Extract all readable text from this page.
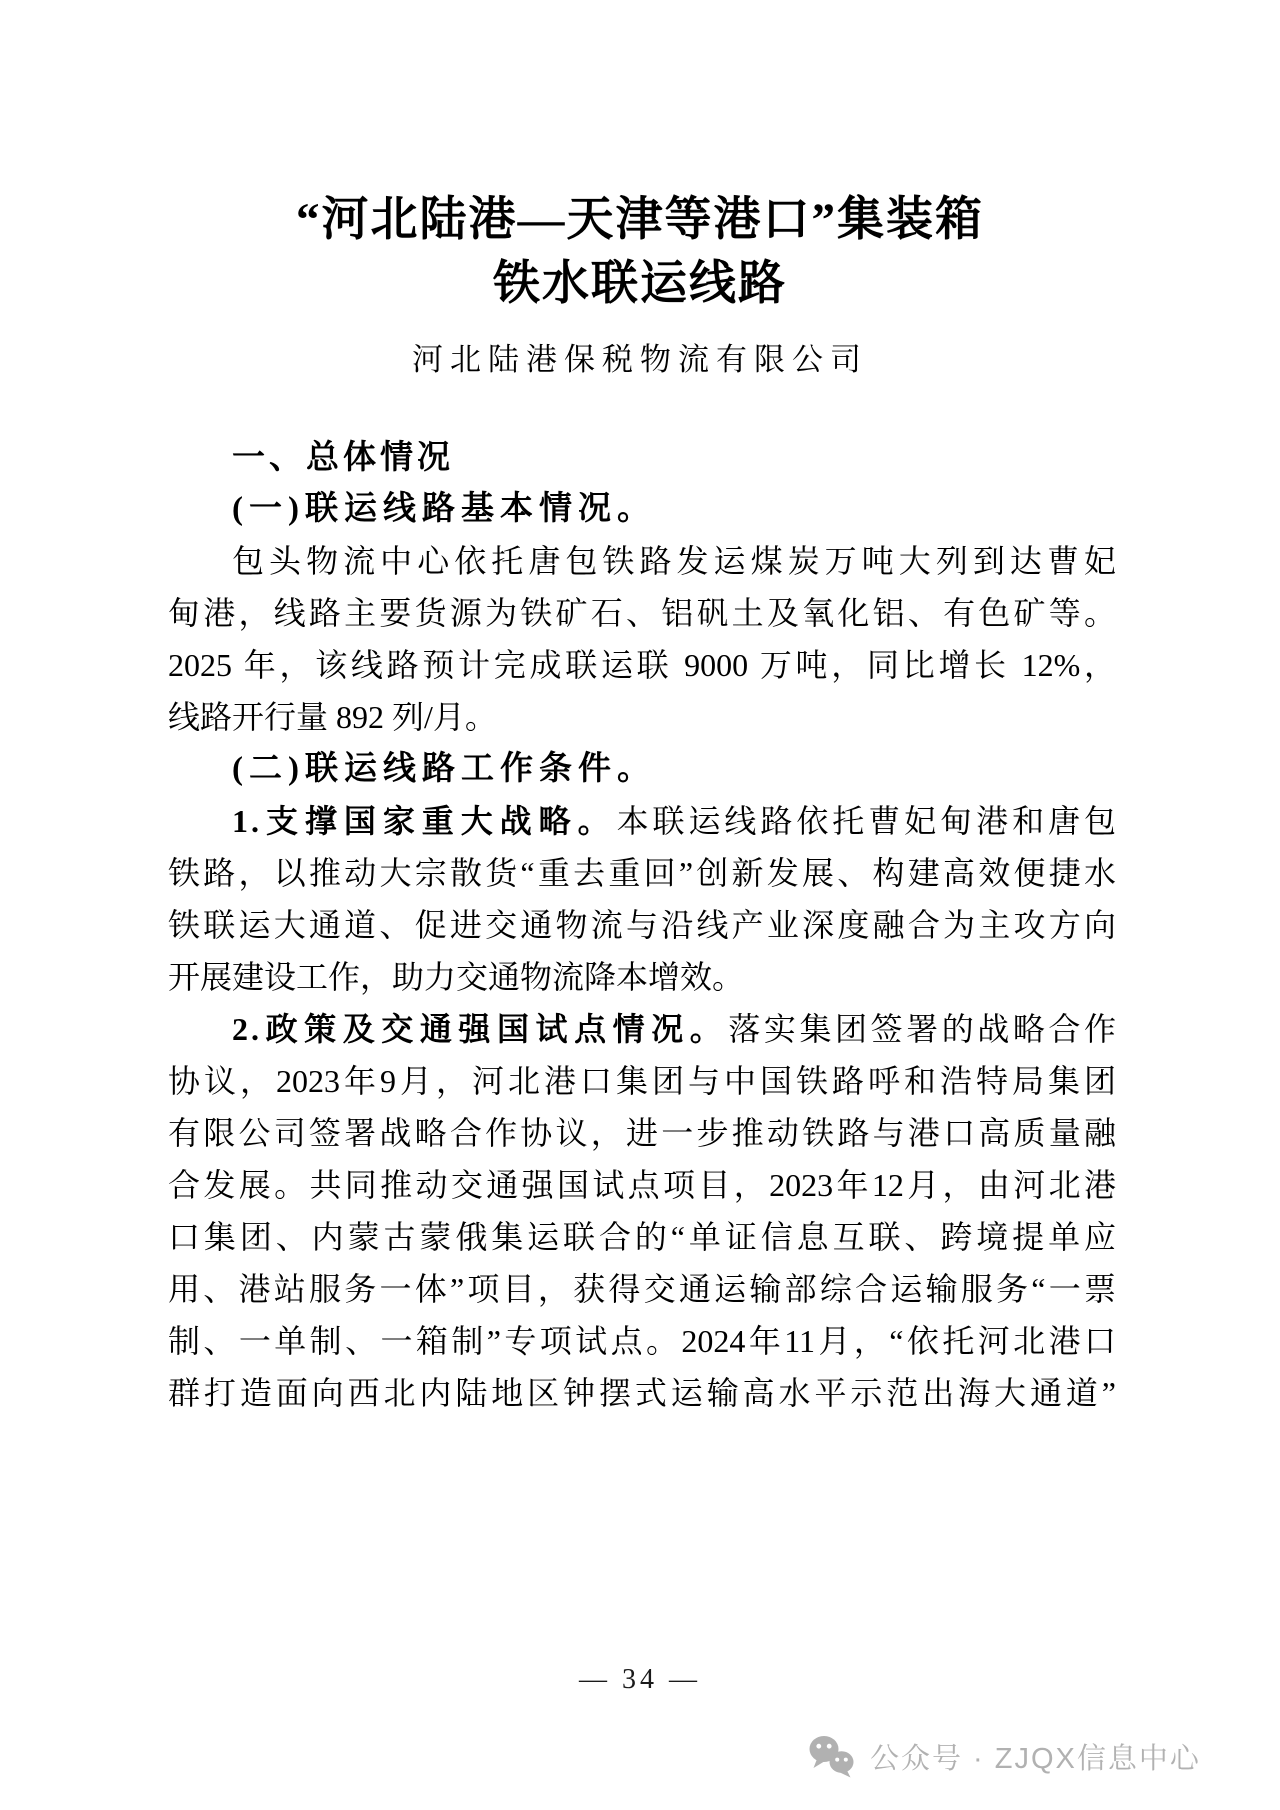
“河北陆港—天津等港口”集装箱
铁水联运线路
河北陆港保税物流有限公司
一、总体情况
(一)联运线路基本情况。
包头物流中心依托唐包铁路发运煤炭万吨大列到达曹妃
甸港，线路主要货源为铁矿石、铝矾土及氧化铝、有色矿等。
2025 年，该线路预计完成联运联 9000 万吨，同比增长 12%，
线路开行量 892 列/月。
(二)联运线路工作条件。
1.支撑国家重大战略。本联运线路依托曹妃甸港和唐包
铁路，以推动大宗散货“重去重回”创新发展、构建高效便捷水
铁联运大通道、促进交通物流与沿线产业深度融合为主攻方向
开展建设工作，助力交通物流降本增效。
2.政策及交通强国试点情况。落实集团签署的战略合作
协议，2023年9月，河北港口集团与中国铁路呼和浩特局集团
有限公司签署战略合作协议，进一步推动铁路与港口高质量融
合发展。共同推动交通强国试点项目，2023年12月，由河北港
口集团、内蒙古蒙俄集运联合的“单证信息互联、跨境提单应
用、港站服务一体”项目，获得交通运输部综合运输服务“一票
制、一单制、一箱制”专项试点。2024年11月，“依托河北港口
群打造面向西北内陆地区钟摆式运输高水平示范出海大通道”
— 34 —
公众号 · ZJQX信息中心
